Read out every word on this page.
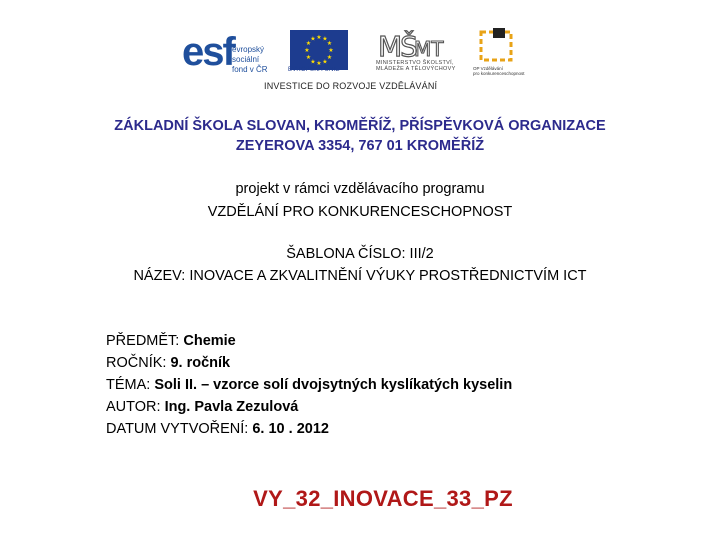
esf
evropský
sociální
fond v ČR
★ ★
★
★
★
★
★
★
★
★
★
★
EVROPSKÁ UNIE
MŠ
MT
MINISTERSTVO ŠKOLSTVÍ,
MLÁDEŽE A TĚLOVÝCHOVY	OP Vzdělávání
pro konkurenceschopnost
INVESTICE DO ROZVOJE VZDĚLÁVÁNÍ
ZÁKLADNÍ ŠKOLA SLOVAN, KROMĚŘÍŽ, PŘÍSPĚVKOVÁ ORGANIZACE
ZEYEROVA 3354, 767 01 KROMĚŘÍŽ
projekt v rámci vzdělávacího programu
VZDĚLÁNÍ PRO KONKURENCESCHOPNOST
ŠABLONA ČÍSLO: III/2
NÁZEV: INOVACE A ZKVALITNĚNÍ VÝUKY PROSTŘEDNICTVÍM ICT
PŘEDMĚT: Chemie
ROČNÍK: 9. ročník
TÉMA: Soli II. – vzorce solí dvojsytných kyslíkatých kyselin
AUTOR: Ing. Pavla Zezulová
DATUM VYTVOŘENÍ: 6. 10 . 2012
VY_32_INOVACE_33_PZ
